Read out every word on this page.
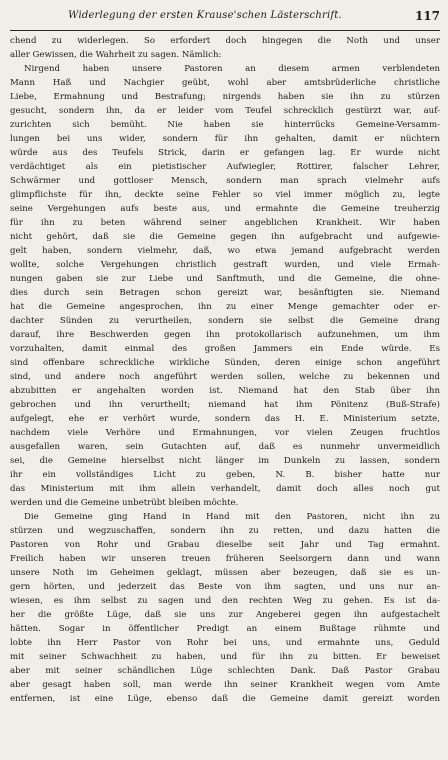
Widerlegung der ersten Krause'schen Lästerschrift.	117
chend zu widerlegen. So erfordert doch hingegen die Noth und unser
aller Gewissen, die Wahrheit zu sagen. Nämlich:
Nirgend haben unsere Pastoren an diesem armen verblendeten
Mann Haß und Nachgier geübt, wohl aber amtsbrüderliche christliche
Liebe, Ermahnung und Bestrafung; nirgends haben sie ihn zu stürzen
gesucht, sondern ihn, da er leider vom Teufel schrecklich gestürzt war, auf-
zurichten sich bemüht. Nie haben sie hinterrücks Gemeine-Versamm-
lungen bei uns wider, sondern für ihn gehalten, damit er nüchtern
würde aus des Teufels Strick, darin er gefangen lag. Er wurde nicht
verdächtiget als ein pietistischer Aufwiegler, Rottirer, falscher Lehrer,
Schwärmer und gottloser Mensch, sondern man sprach vielmehr aufs
glimpflichste für ihn, deckte seine Fehler so viel immer möglich zu, legte
seine Vergehungen aufs beste aus, und ermahnte die Gemeine treuherzig
für ihn zu beten während seiner angeblichen Krankheit. Wir haben
nicht gehört, daß sie die Gemeine gegen ihn aufgebracht und aufgewie-
gelt haben, sondern vielmehr, daß, wo etwa jemand aufgebracht werden
wollte, solche Vergehungen christlich gestraft wurden, und viele Ermah-
nungen gaben sie zur Liebe und Sanftmuth, und die Gemeine, die ohne-
dies durch sein Betragen schon gereizt war, besänftigten sie. Niemand
hat die Gemeine angesprochen, ihn zu einer Menge gemachter oder er-
dachter Sünden zu verurtheilen, sondern sie selbst die Gemeine drang
darauf, ihre Beschwerden gegen ihn protokollarisch aufzunehmen, um ihm
vorzuhalten, damit einmal des großen Jammers ein Ende würde. Es
sind offenbare schreckliche wirkliche Sünden, deren einige schon angeführt
sind, und andere noch angeführt werden sollen, welche zu bekennen und
abzubitten er angehalten worden ist. Niemand hat den Stab über ihn
gebrochen und ihn verurtheilt; niemand hat ihm Pönitenz (Buß-Strafe)
aufgelegt, ehe er verhört wurde, sondern das H. E. Ministerium setzte,
nachdem viele Verhöre und Ermahnungen, vor vielen Zeugen fruchtlos
ausgefallen waren, sein Gutachten auf, daß es nunmehr unvermeidlich
sei, die Gemeine hierselbst nicht länger im Dunkeln zu lassen, sondern
ihr ein vollständiges Licht zu geben, N. B. bisher hatte nur
das Ministerium mit ihm allein verhandelt, damit doch alles noch gut
werden und die Gemeine unbetrübt bleiben möchte.
Die Gemeine ging Hand in Hand mit den Pastoren, nicht ihn zu
stürzen und wegzuschaffen, sondern ihn zu retten, und dazu hatten die
Pastoren von Rohr und Grabau dieselbe seit Jahr und Tag ermahnt.
Freilich haben wir unseren treuen früheren Seelsorgern dann und wann
unsere Noth im Geheimen geklagt, müssen aber bezeugen, daß sie es un-
gern hörten, und jederzeit das Beste von ihm sagten, und uns nur an-
wiesen, es ihm selbst zu sagen und den rechten Weg zu gehen. Es ist da-
her die größte Lüge, daß sie uns zur Angeberei gegen ihn aufgestachelt
hätten. Sogar in öffentlicher Predigt an einem Bußtage rühmte und
lobte ihn Herr Pastor von Rohr bei uns, und ermahnte uns, Geduld
mit seiner Schwachheit zu haben, und für ihn zu bitten. Er beweiset
aber mit seiner schändlichen Lüge schlechten Dank. Daß Pastor Grabau
aber gesagt haben soll, man werde ihn seiner Krankheit wegen vom Amte
entfernen, ist eine Lüge, ebenso daß die Gemeine damit gereizt worden
